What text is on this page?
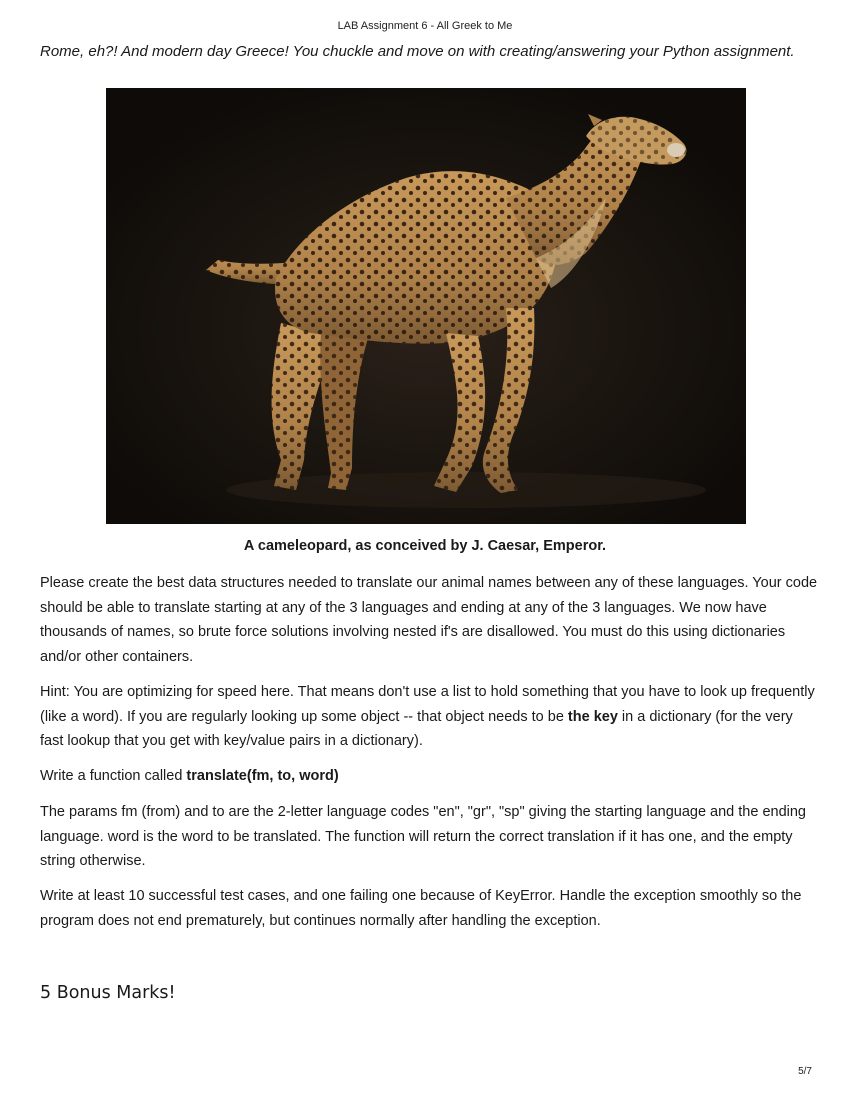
LAB Assignment 6 - All Greek to Me

Rome, eh?! And modern day Greece! You chuckle and move on with creating/answering your Python assignment.

A cameleopard, as conceived by J. Caesar, Emperor.

Please create the best data structures needed to translate our animal names between any of these languages. Your code should be able to translate starting at any of the 3 languages and ending at any of the 3 languages. We now have thousands of names, so brute force solutions involving nested if's are disallowed. You must do this using dictionaries and/or other containers.

Hint: You are optimizing for speed here. That means don't use a list to hold something that you have to look up frequently (like a word). If you are regularly looking up some object -- that object needs to be the key in a dictionary (for the very fast lookup that you get with key/value pairs in a dictionary).

Write a function called translate(fm, to, word)

The params fm (from) and to are the 2-letter language codes "en", "gr", "sp" giving the starting language and the ending language. word is the word to be translated. The function will return the correct translation if it has one, and the empty string otherwise.

Write at least 10 successful test cases, and one failing one because of KeyError. Handle the exception smoothly so the program does not end prematurely, but continues normally after handling the exception.

5 Bonus Marks!

5/7
